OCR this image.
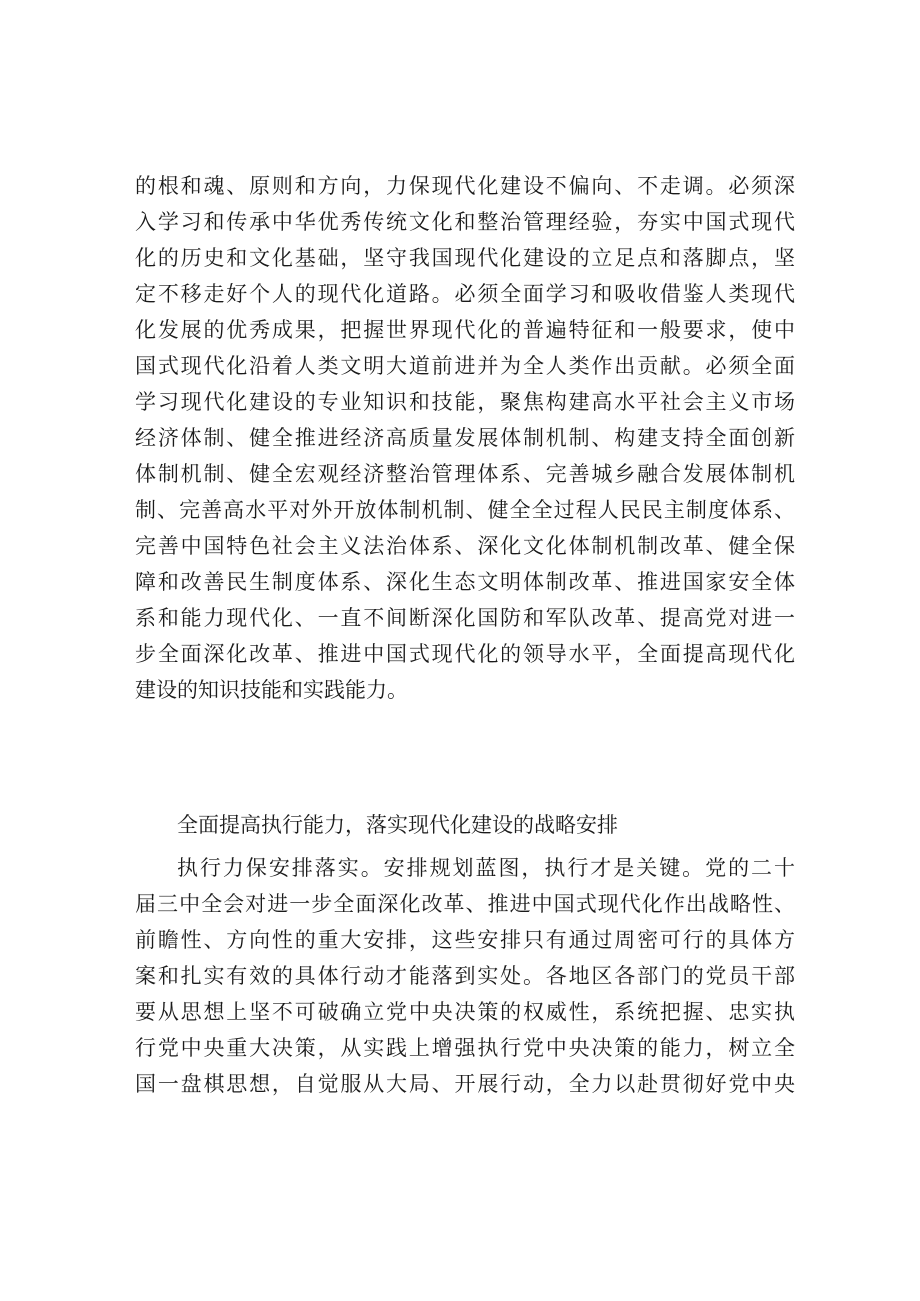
的根和魂、原则和方向，力保现代化建设不偏向、不走调。必须深
入学习和传承中华优秀传统文化和整治管理经验，夯实中国式现代
化的历史和文化基础，坚守我国现代化建设的立足点和落脚点，坚
定不移走好个人的现代化道路。必须全面学习和吸收借鉴人类现代
化发展的优秀成果，把握世界现代化的普遍特征和一般要求，使中
国式现代化沿着人类文明大道前进并为全人类作出贡献。必须全面
学习现代化建设的专业知识和技能，聚焦构建高水平社会主义市场
经济体制、健全推进经济高质量发展体制机制、构建支持全面创新
体制机制、健全宏观经济整治管理体系、完善城乡融合发展体制机
制、完善高水平对外开放体制机制、健全全过程人民民主制度体系、
完善中国特色社会主义法治体系、深化文化体制机制改革、健全保
障和改善民生制度体系、深化生态文明体制改革、推进国家安全体
系和能力现代化、一直不间断深化国防和军队改革、提高党对进一
步全面深化改革、推进中国式现代化的领导水平，全面提高现代化
建设的知识技能和实践能力。
全面提高执行能力，落实现代化建设的战略安排
执行力保安排落实。安排规划蓝图，执行才是关键。党的二十
届三中全会对进一步全面深化改革、推进中国式现代化作出战略性、
前瞻性、方向性的重大安排，这些安排只有通过周密可行的具体方
案和扎实有效的具体行动才能落到实处。各地区各部门的党员干部
要从思想上坚不可破确立党中央决策的权威性，系统把握、忠实执
行党中央重大决策，从实践上增强执行党中央决策的能力，树立全
国一盘棋思想，自觉服从大局、开展行动，全力以赴贯彻好党中央
